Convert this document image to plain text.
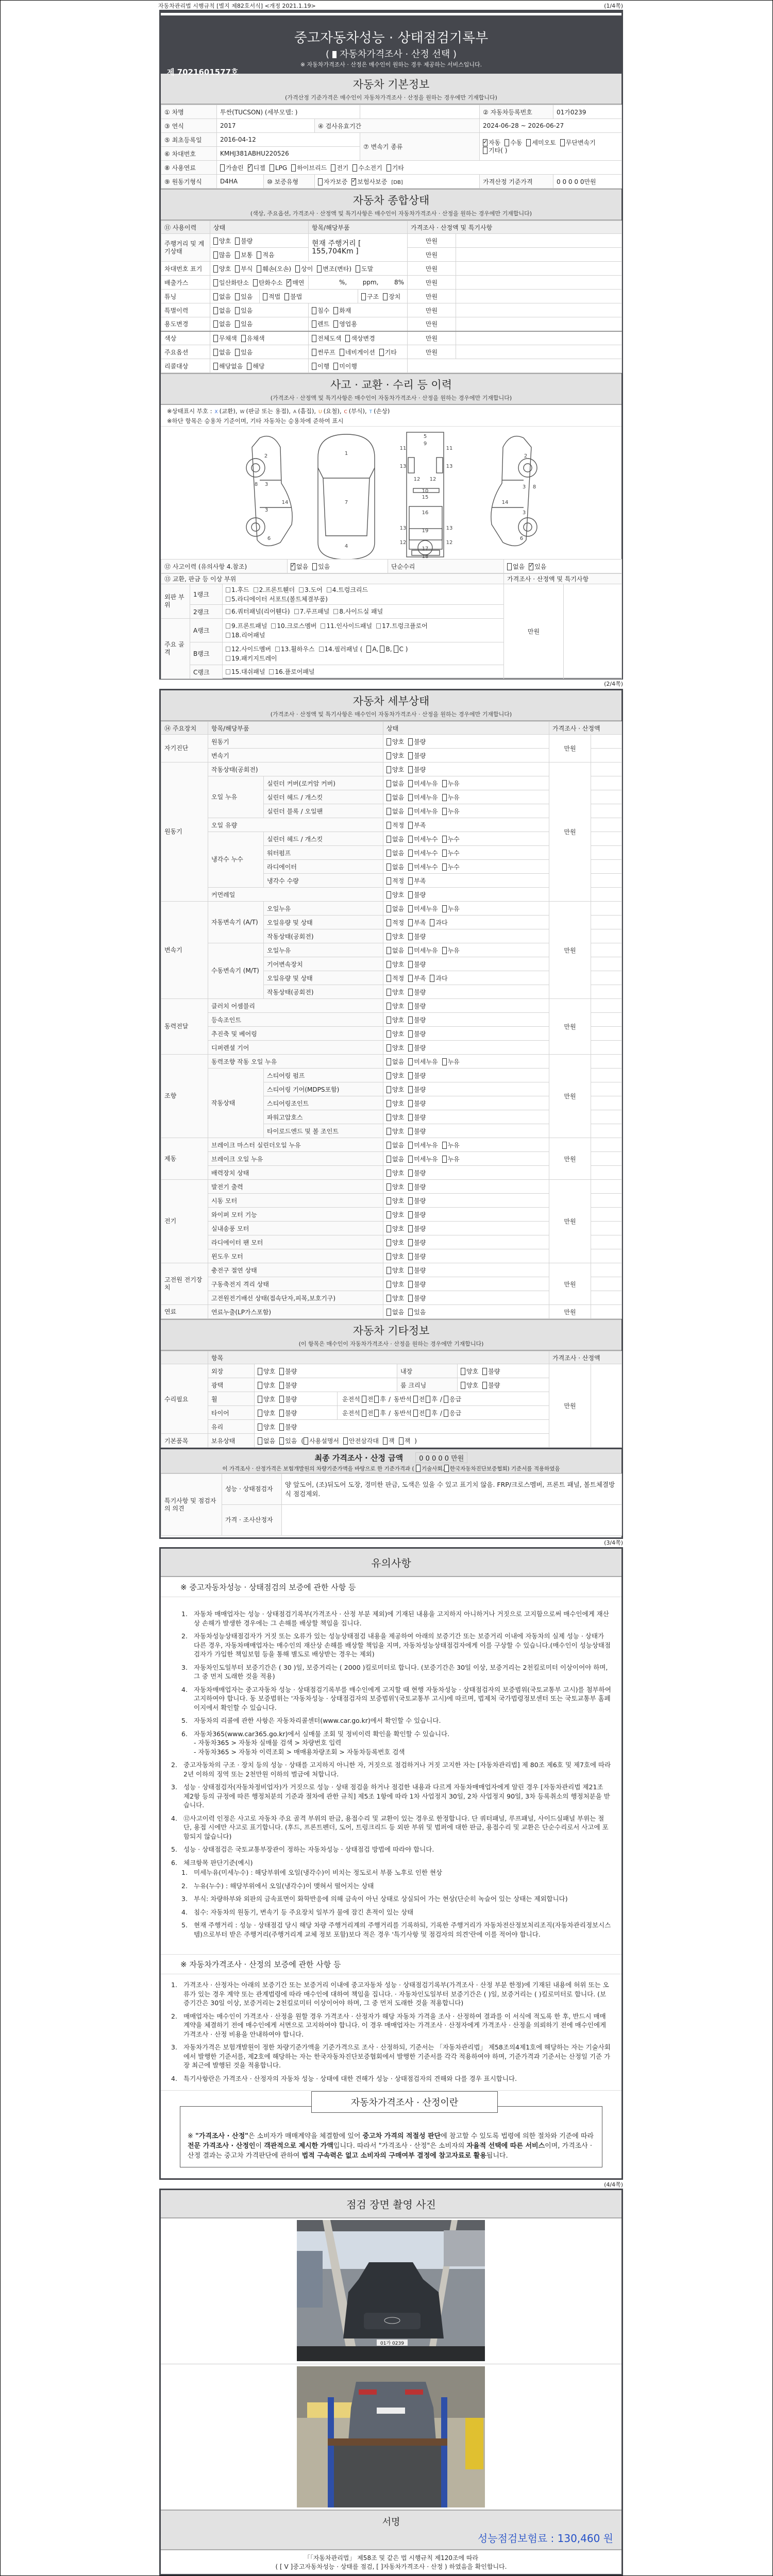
자동차관리법 시행규칙 [별지 제82호서식] <개정 2021.1.19>	(1/4쪽)
(2/4쪽)
(3/4쪽)
(4/4쪽)
중고자동차성능 · 상태점검기록부
( 자동차가격조사 · 산정 선택 )
※ 자동차가격조사 · 산정은 매수인이 원하는 경우 제공하는 서비스입니다.
제 7021601577호
자동차 기본정보
(가격산정 기준가격은 매수인이 자동차가격조사 · 산정을 원하는 경우에만 기재합니다)
① 차명	투싼(TUCSON) (세부모델: )				② 자동차등록번호	01가0239
③ 연식	2017		④ 검사유효기간		2024-06-28 ~ 2026-06-27	
⑤ 최초등록일	2016-04-12			⑦ 변속기 종류	✓자동 수동 세미오토 무단변속기기타( )
⑥ 차대번호	KMHJ381ABHU220526					
⑧ 사용연료	가솔린 ✓ 디젤 LPG 하이브리드 전기 수소전기 기타
⑨ 원동기형식	D4HA	⑩ 보증유형	자가보증 ✓ 보험사보증 [DB]		가격산정 기준가격	0 0 0 0 0만원
자동차 종합상태
(색상, 주요옵션, 가격조사 · 산정액 및 특기사항은 매수인이 자동차가격조사 · 산정을 원하는 경우에만 기재합니다)
⑪ 사용이력	상태		항목/해당부품		가격조사 · 산정액 및 특기사항	
주행거리 및 계기상태	양호 불량		현재 주행거리 [ 155,704Km ]		만원	
	많음 보통 적음				만원	
차대번호 표기	양호 부식 훼손(오손) 상이 변조(변타) 도말				만원	
배출가스	일산화탄소 탄화수소 ✓ 매연		%,        ppm,        8%		만원	
튜닝	없음 있음	적법 불법		구조 장치	만원	
특별이력	없음 있음		침수 화재		만원	
용도변경	없음 있음		렌트 영업용		만원	
색상	무채색 유채색		전체도색 색상변경		만원	
주요옵션	없음 있음		썬루프 네비게이션 기타		만원	
리콜대상	해당없음 해당		이행 미이행			
사고 · 교환 · 수리 등 이력
(가격조사 · 산정액 및 특기사항은 매수인이 자동차가격조사 · 산정을 원하는 경우에만 기재합니다)
※상태표시 부호 : X (교환), W (판금 또는 용접), A (흠집), U (요철), C (부식), T (손상)
※하단 항목은 승용차 기준이며, 기타 자동차는 승용차에 준하여 표시
2
3
3
6
8
14
1
7
4
5
9
11	11
12 12
13	13
10
15
16
19
13	13
12	12
17
18
2
3
3
6
8
14
⑫ 사고이력 (유의사항 4.참조)	✓없음 있음	단순수리	없음 ✓ 있음
⑬ 교환, 판금 등 이상 부위			가격조사 · 산정액 및 특기사항	
외판 부위	1랭크	1.후드 2.프론트휀더 3.도어 4.트렁크리드
5.라디에이터 서포트(볼트체결부품)	만원	
	2랭크	6.쿼터패널(리어휀다) 7.루프패널 8.사이드실 패널		
주요 골격	A랭크	9.프론트패널 10.크로스멤버 11.인사이드패널 17.트렁크플로어
18.리어패널		
	B랭크	12.사이드멤버 13.휠하우스 14.필러패널 ( A, B, C )
19.패키지트레이		
	C랭크	15.대쉬패널 16.플로어패널		
자동차 세부상태
(가격조사 · 산정액 및 특기사항은 매수인이 자동차가격조사 · 산정을 원하는 경우에만 기재합니다)
⑭ 주요장치	항목/해당부품		상태	가격조사 · 산정액	
자기진단	원동기		양호 불량	만원	
	변속기		양호 불량		
원동기	작동상태(공회전)		양호 불량	만원	
	오일 누유	실린더 커버(로커암 커버)	없음 미세누유 누유		
		실린더 헤드 / 개스킷	없음 미세누유 누유		
		실린더 블록 / 오일팬	없음 미세누유 누유		
	오일 유량		적정 부족		
	냉각수 누수	실린더 헤드 / 개스킷	없음 미세누수 누수		
		워터펌프	없음 미세누수 누수		
		라디에이터	없음 미세누수 누수		
		냉각수 수량	적정 부족		
	커먼레일		양호 불량		
변속기	자동변속기 (A/T)	오일누유	없음 미세누유 누유	만원	
		오일유량 및 상태	적정 부족 과다		
		작동상태(공회전)	양호 불량		
	수동변속기 (M/T)	오일누유	없음 미세누유 누유		
		기어변속장치	양호 불량		
		오일유량 및 상태	적정 부족 과다		
		작동상태(공회전)	양호 불량		
동력전달	클러치 어셈블리		양호 불량	만원	
	등속조인트		양호 불량		
	추진축 및 베어링		양호 불량		
	디퍼렌셜 기어		양호 불량		
조향	동력조향 작동 오일 누유		없음 미세누유 누유	만원	
	작동상태	스티어링 펌프	양호 불량		
		스티어링 기어(MDPS포함)	양호 불량		
		스티어링조인트	양호 불량		
		파워고압호스	양호 불량		
		타이로드엔드 및 볼 조인트	양호 불량		
제동	브레이크 마스터 실린더오일 누유		없음 미세누유 누유	만원	
	브레이크 오일 누유		없음 미세누유 누유		
	배력장치 상태		양호 불량		
전기	발전기 출력		양호 불량	만원	
	시동 모터		양호 불량		
	와이퍼 모터 기능		양호 불량		
	실내송풍 모터		양호 불량		
	라디에이터 팬 모터		양호 불량		
	윈도우 모터		양호 불량		
고전원 전기장치	충전구 절연 상태		양호 불량	만원	
	구동축전지 격리 상태		양호 불량		
	고전원전기배선 상태(접속단자,피복,보호기구)		양호 불량		
연료	연료누출(LP가스포함)		없음 있음	만원	
자동차 기타정보
(이 항목은 매수인이 자동차가격조사 · 산정을 원하는 경우에만 기재합니다)
	항목					가격조사 · 산정액	
수리필요	외장	양호 불량		내장	양호 불량	만원	
	광택	양호 불량		룸 크리닝	양호 불량		
	휠	양호 불량	운전석 전 후 / 동반석 전 후 / 응급				
	타이어	양호 불량	운전석 전 후 / 동반석 전 후 / 응급				
	유리	양호 불량					
기본품목	보유상태	없음 있음 ( 사용설명서 안전삼각대 잭 잭 )					
최종 가격조사 · 산정 금액 0 0 0 0 0 만원
이 가격조사 · 산정가격은 보험개발원의 차량기준가액을 바탕으로 한 기준가격과 ( 기술사회, 한국자동차진단보증협회) 기준서를 적용하였음
특기사항 및 점검자의 의견	성능 · 상태점검자	양 앞도어, (조)뒤도어 도장, 경미한 판금, 도색은 있을 수 있고 표기치 않음. FRP/크로스멤버, 프론트 패널, 볼트체결방식 점검제외.
	가격 · 조사산정자	
유의사항
※ 중고자동차성능 · 상태점검의 보증에 관한 사항 등
1. 자동차 매매업자는 성능 · 상태점검기록부(가격조사 · 산정 부분 제외)에 기재된 내용을 고지하지 아니하거나 거짓으로 고지함으로써 매수인에게 재산상 손해가 발생한 경우에는 그 손해를 배상할 책임을 집니다.
2. 자동차성능상태점검자가 거짓 또는 오류가 있는 성능상태점검 내용을 제공하여 아래의 보증기간 또는 보증거리 이내에 자동차의 실제 성능 · 상태가 다른 경우, 자동차매매업자는 매수인의 재산상 손해를 배상할 책임을 지며, 자동차성능상태점검자에게 이를 구상할 수 있습니다.(매수인이 성능상태점검자가 가입한 책임보험 등을 통해 별도로 배상받는 경우는 제외)
3. 자동차인도일부터 보증기간은 ( 30 )일, 보증거리는 ( 2000 )킬로미터로 합니다. (보증기간은 30일 이상, 보증거리는 2천킬로미터 이상이어야 하며, 그 중 먼저 도래한 것을 적용)
4. 자동차매매업자는 중고자동차 성능 · 상태점검기록부를 매수인에게 고지할 때 현행 자동차성능 · 상태점검자의 보증범위(국토교통부 고시)를 첨부하여 고지하여야 합니다. 동 보증범위는 '자동차성능 · 상태점검자의 보증범위'(국토교통부 고시)에 따르며, 법제처 국가법령정보센터 또는 국토교통부 홈페이지에서 확인할 수 있습니다.
5. 자동차의 리콜에 관한 사항은 자동차리콜센터(www.car.go.kr)에서 확인할 수 있습니다.
6. 자동차365(www.car365.go.kr)에서 실매물 조회 및 정비이력 확인을 확인할 수 있습니다.
- 자동차365 > 자동차 실매물 검색 > 차량번호 입력
- 자동차365 > 자동차 이력조회 > 매매용차량조회 > 자동차등록번호 검색
2. 중고자동차의 구조 · 장치 등의 성능 · 상태를 고지하지 아니한 자, 거짓으로 점검하거나 거짓 고지한 자는 [자동차관리법] 제 80조 제6호 및 제7호에 따라 2년 이하의 징역 또는 2천만원 이하의 벌금에 처합니다.
3. 성능 · 상태점검자(자동차정비업자)가 거짓으로 성능 · 상태 점검을 하거나 점검한 내용과 다르게 자동차매매업자에게 알린 경우 [자동차관리법 제21조 제2항 등의 규정에 따른 행정처분의 기준과 절차에 관한 규칙] 제5조 1항에 따라 1차 사업정지 30일, 2차 사업정지 90일, 3차 등록취소의 행정처분을 받습니다.
4. ⑫사고이력 인정은 사고로 자동차 주요 골격 부위의 판금, 용접수리 및 교환이 있는 경우로 한정합니다. 단 쿼터패널, 루프패널, 사이드실패널 부위는 절단, 용접 시에만 사고로 표기합니다. (후드, 프론트펜더, 도어, 트렁크리드 등 외판 부위 및 범퍼에 대한 판금, 용접수리 및 교환은 단순수리로서 사고에 포함되지 않습니다)
5. 성능 · 상태점검은 국토교통부장관이 정하는 자동차성능 · 상태점검 방법에 따라야 합니다.
6. 체크항목 판단기준(예시)
1. 미세누유(미세누수) : 해당부위에 오일(냉각수)이 비치는 정도로서 부품 노후로 인한 현상
2. 누유(누수) : 해당부위에서 오일(냉각수)이 맺혀서 떨어지는 상태
3. 부식: 차량하부와 외판의 금속표면이 화학반응에 의해 금속이 아닌 상태로 상실되어 가는 현상(단순히 녹슬어 있는 상태는 제외합니다)
4. 침수: 자동차의 원동기, 변속기 등 주요장치 일부가 물에 잠긴 흔적이 있는 상태
5. 현재 주행거리 : 성능 · 상태점검 당시 해당 차량 주행거리계의 주행거리를 기록하되, 기록한 주행거리가 자동차전산정보처리조직(자동차관리정보시스템)으로부터 받은 주행거리(주행거리계 교체 정보 포함)보다 적은 경우 '특기사항 및 점검자의 의견'란에 이를 적어야 합니다.
※ 자동차가격조사 · 산정의 보증에 관한 사항 등
1. 가격조사 · 산정자는 아래의 보증기간 또는 보증거리 이내에 중고자동차 성능 · 상태점검기록부(가격조사 · 산정 부분 한정)에 기재된 내용에 허위 또는 오류가 있는 경우 계약 또는 관계법령에 따라 매수인에 대하여 책임을 집니다. · 자동차인도일부터 보증기간은 ( )일, 보증거리는 ( )킬로미터로 합니다. (보증기간은 30일 이상, 보증거리는 2천킬로미터 이상이어야 하며, 그 중 먼저 도래한 것을 적용합니다)
2. 매매업자는 매수인이 가격조사 · 산정을 원할 경우 가격조사 · 산정자가 해당 자동차 가격을 조사 · 산정하여 결과를 이 서식에 적도록 한 후, 반드시 매매계약을 체결하기 전에 매수인에게 서면으로 고지하여야 합니다. 이 경우 매매업자는 가격조사 · 산정자에게 가격조사 · 산정을 의뢰하기 전에 매수인에게 가격조사 · 산정 비용을 안내하여야 합니다.
3. 자동차가격은 보험개발원이 정한 차량기준가액을 기준가격으로 조사 · 산정하되, 기준서는 「자동차관리법」 제58조의4제1호에 해당하는 자는 기술사회에서 발행한 기준서를, 제2호에 해당하는 자는 한국자동차진단보증협회에서 발행한 기준서를 각각 적용하여야 하며, 기준가격과 기준서는 산정일 기준 가장 최근에 발행된 것을 적용합니다.
4. 특기사항란은 가격조사 · 산정자의 자동차 성능 · 상태에 대한 견해가 성능 · 상태점검자의 견해와 다를 경우 표시합니다.
자동차가격조사 · 산정이란

※ "가격조사 · 산정"은 소비자가 매매계약을 체결함에 있어 중고차 가격의 적절성 판단에 참고할 수 있도록 법령에 의한 절차와 기준에 따라 전문 가격조사 · 산정인이 객관적으로 제시한 가액입니다. 따라서 "가격조사 · 산정"은 소비자의 자율적 선택에 따른 서비스이며, 가격조사 · 산정 결과는 중고차 가격판단에 관하여 법적 구속력은 없고 소비자의 구매여부 결정에 참고자료로 활용됩니다.

점검 장면 촬영 사진
01가 0239
서명
성능점검보험료 : 130,460 원
「「자동차관리법」 제58조 및 같은 법 시행규칙 제120조에 따라
( [ V ]중고자동차성능 · 상태를 점검, [ ]자동차가격조사 · 산정 ) 하였음을 확인합니다.
